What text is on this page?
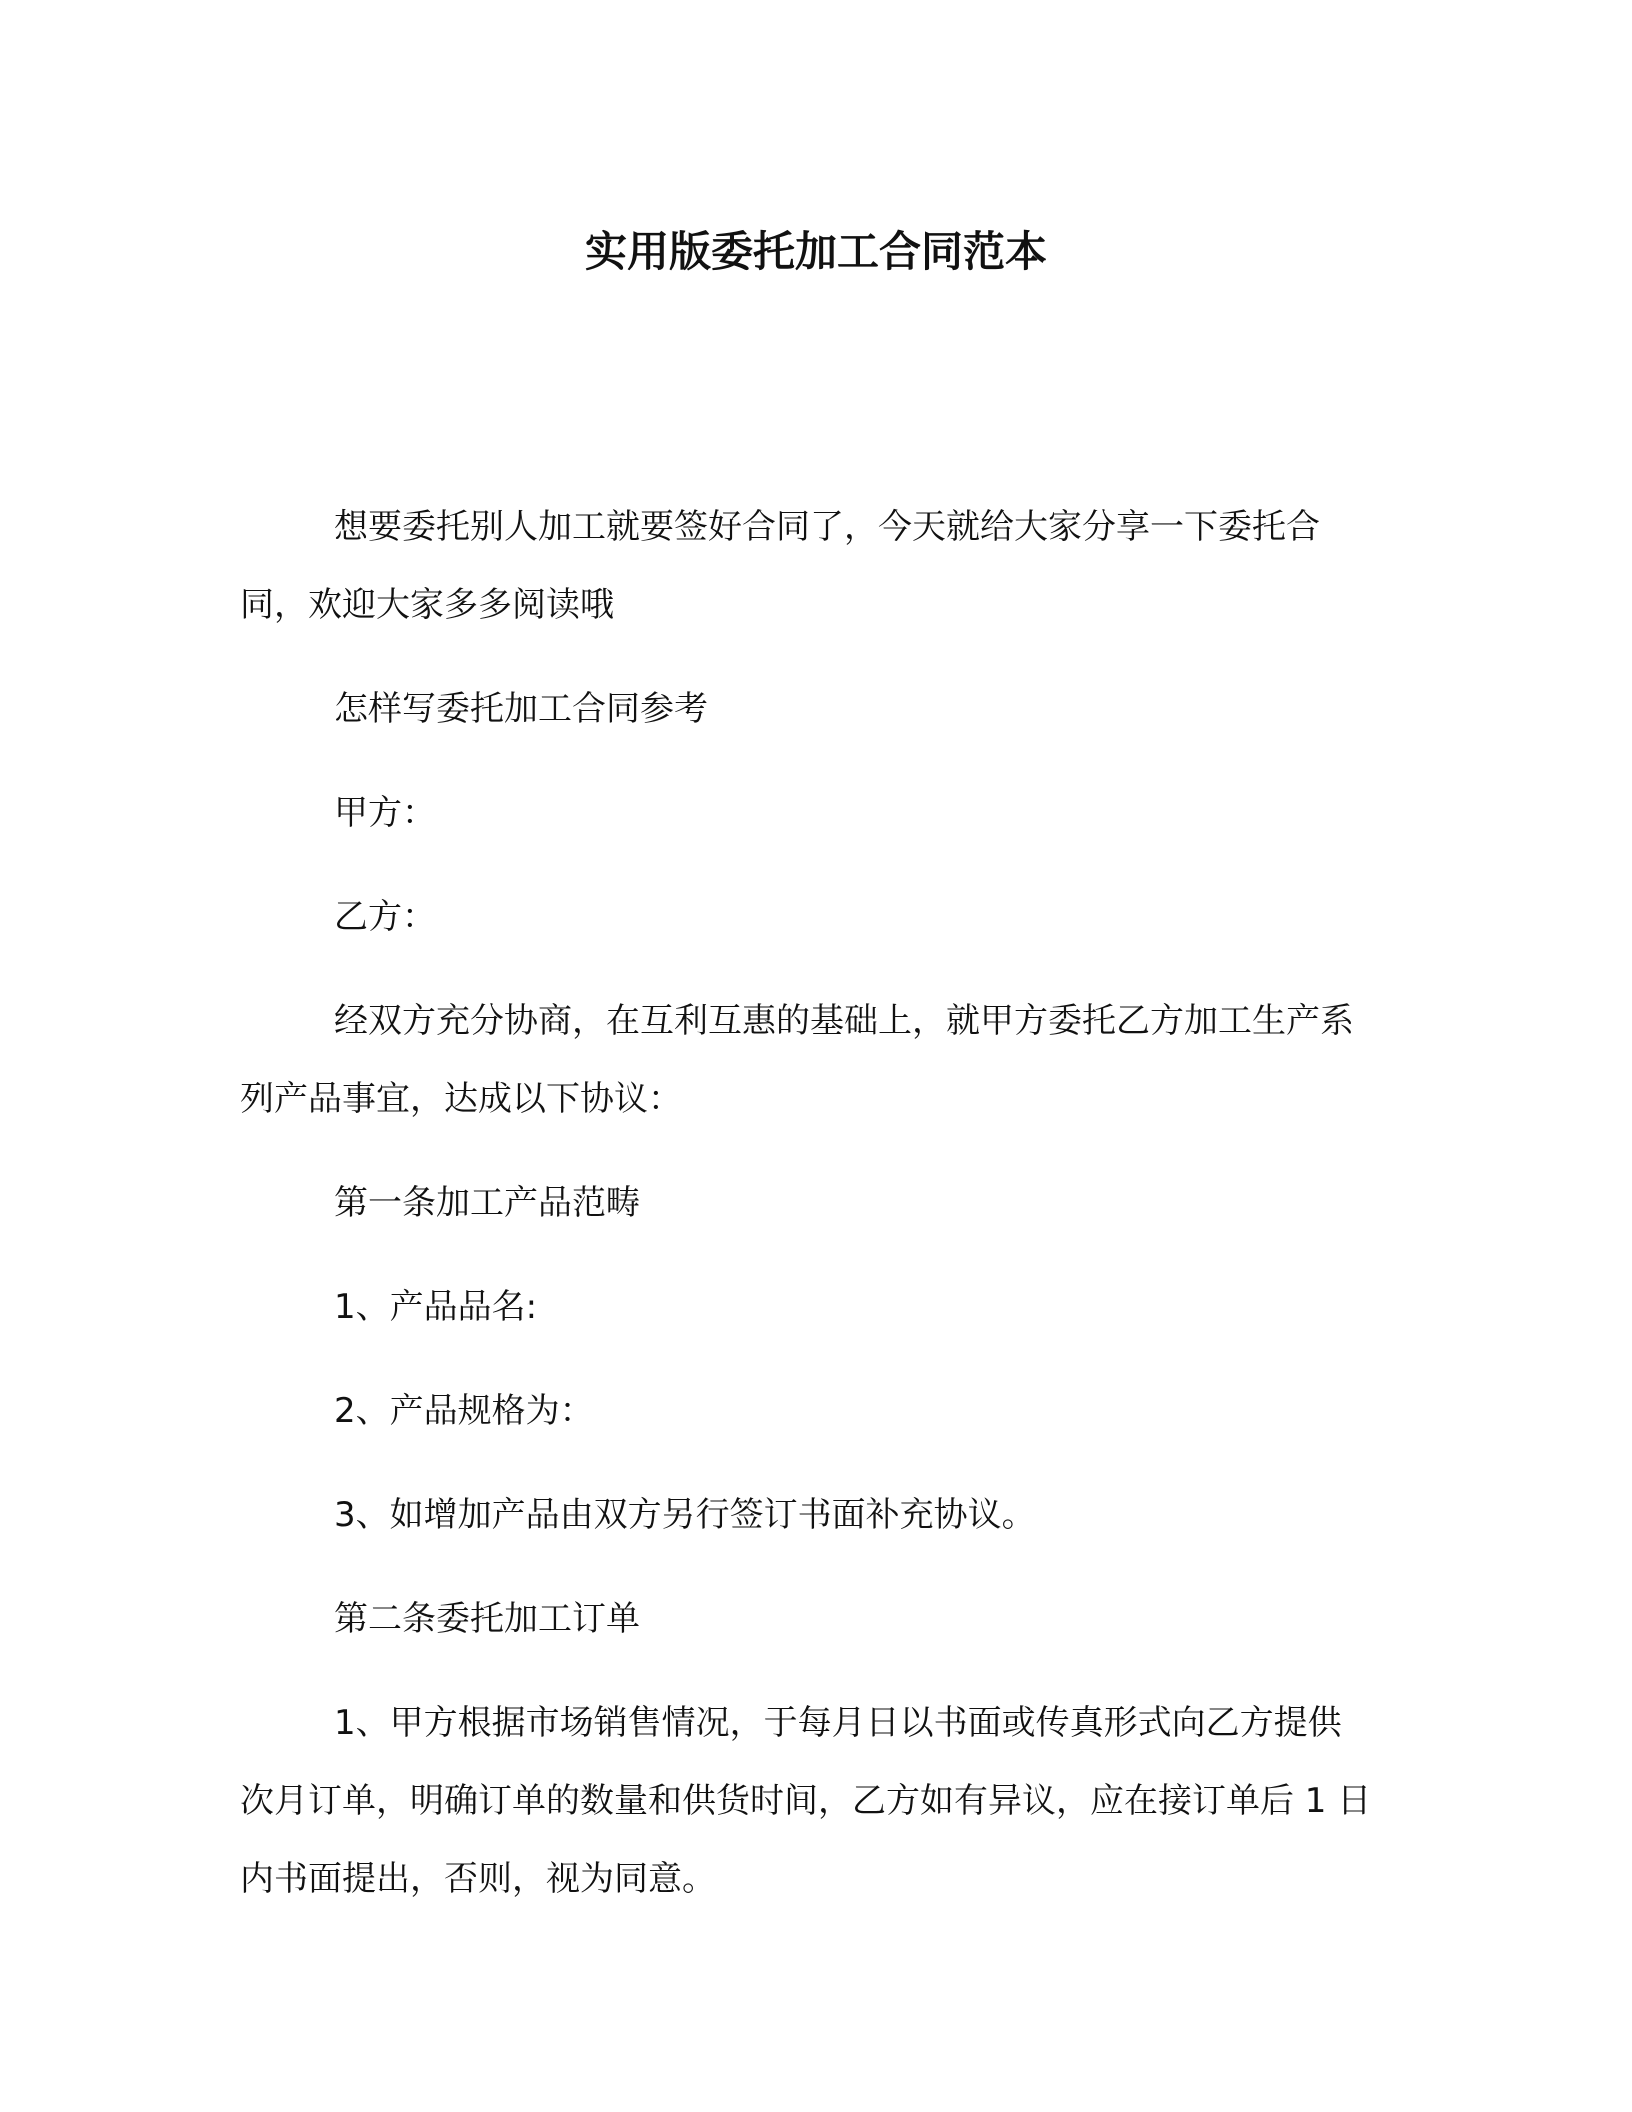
实用版委托加工合同范本

想要委托别人加工就要签好合同了，今天就给大家分享一下委托合同，欢迎大家多多阅读哦

怎样写委托加工合同参考

甲方：

乙方：

经双方充分协商，在互利互惠的基础上，就甲方委托乙方加工生产系列产品事宜，达成以下协议：

第一条加工产品范畴

1、产品品名:

2、产品规格为：

3、如增加产品由双方另行签订书面补充协议。

第二条委托加工订单

1、甲方根据市场销售情况，于每月日以书面或传真形式向乙方提供次月订单，明确订单的数量和供货时间，乙方如有异议，应在接订单后 1 日内书面提出，否则，视为同意。
